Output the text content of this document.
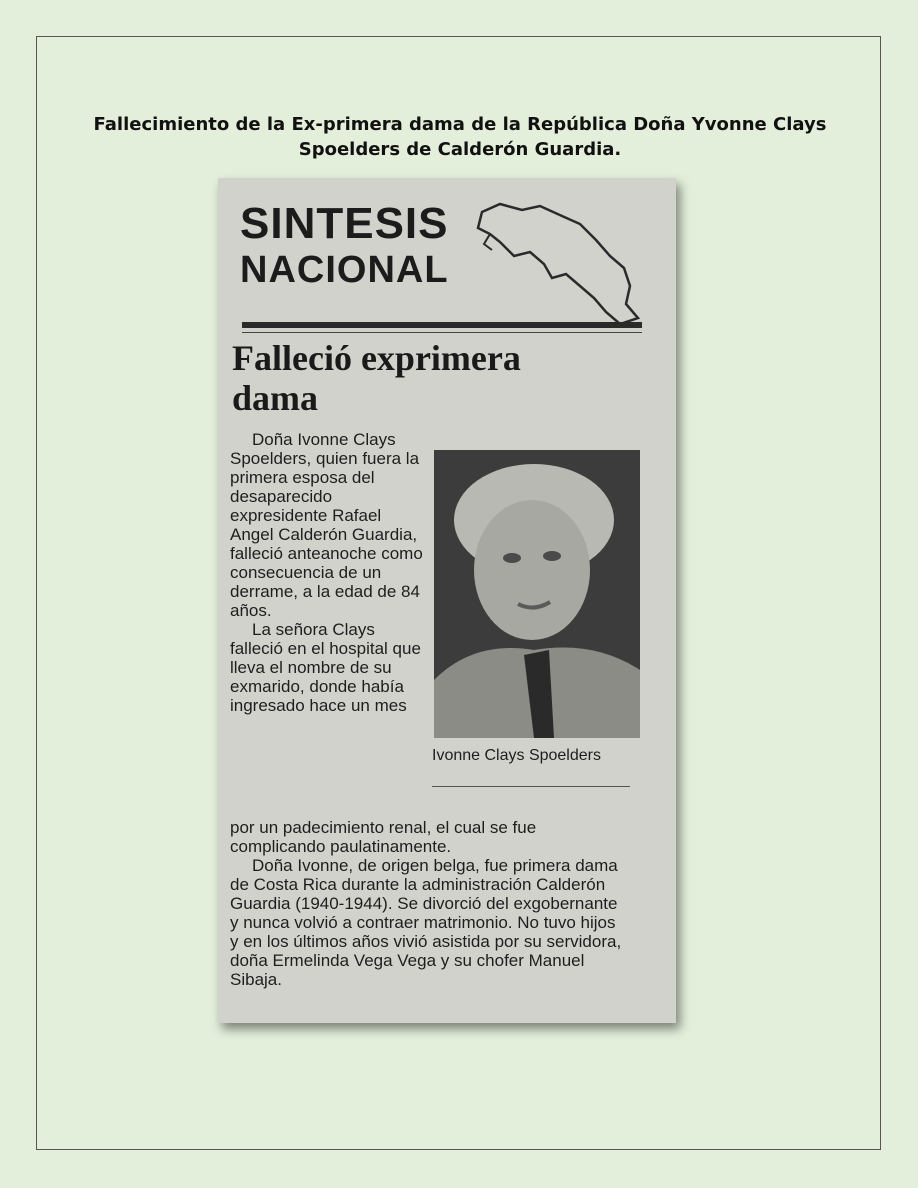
Fallecimiento de la Ex-primera dama de la República Doña Yvonne Clays Spoelders de Calderón Guardia.
SINTESIS
NACIONAL
Falleció exprimera dama

Doña Ivonne Clays Spoelders, quien fuera la primera esposa del desaparecido expresidente Rafael Angel Calderón Guardia, falleció anteanoche como consecuencia de un derrame, a la edad de 84 años.

La señora Clays falleció en el hospital que lleva el nombre de su exmarido, donde había ingresado hace un mes

Ivonne Clays Spoelders

por un padecimiento renal, el cual se fue complicando paulatinamente.

Doña Ivonne, de origen belga, fue primera dama de Costa Rica durante la administración Calderón Guardia (1940-1944). Se divorció del exgobernante y nunca volvió a contraer matrimonio. No tuvo hijos y en los últimos años vivió asistida por su servidora, doña Ermelinda Vega Vega y su chofer Manuel Sibaja.
